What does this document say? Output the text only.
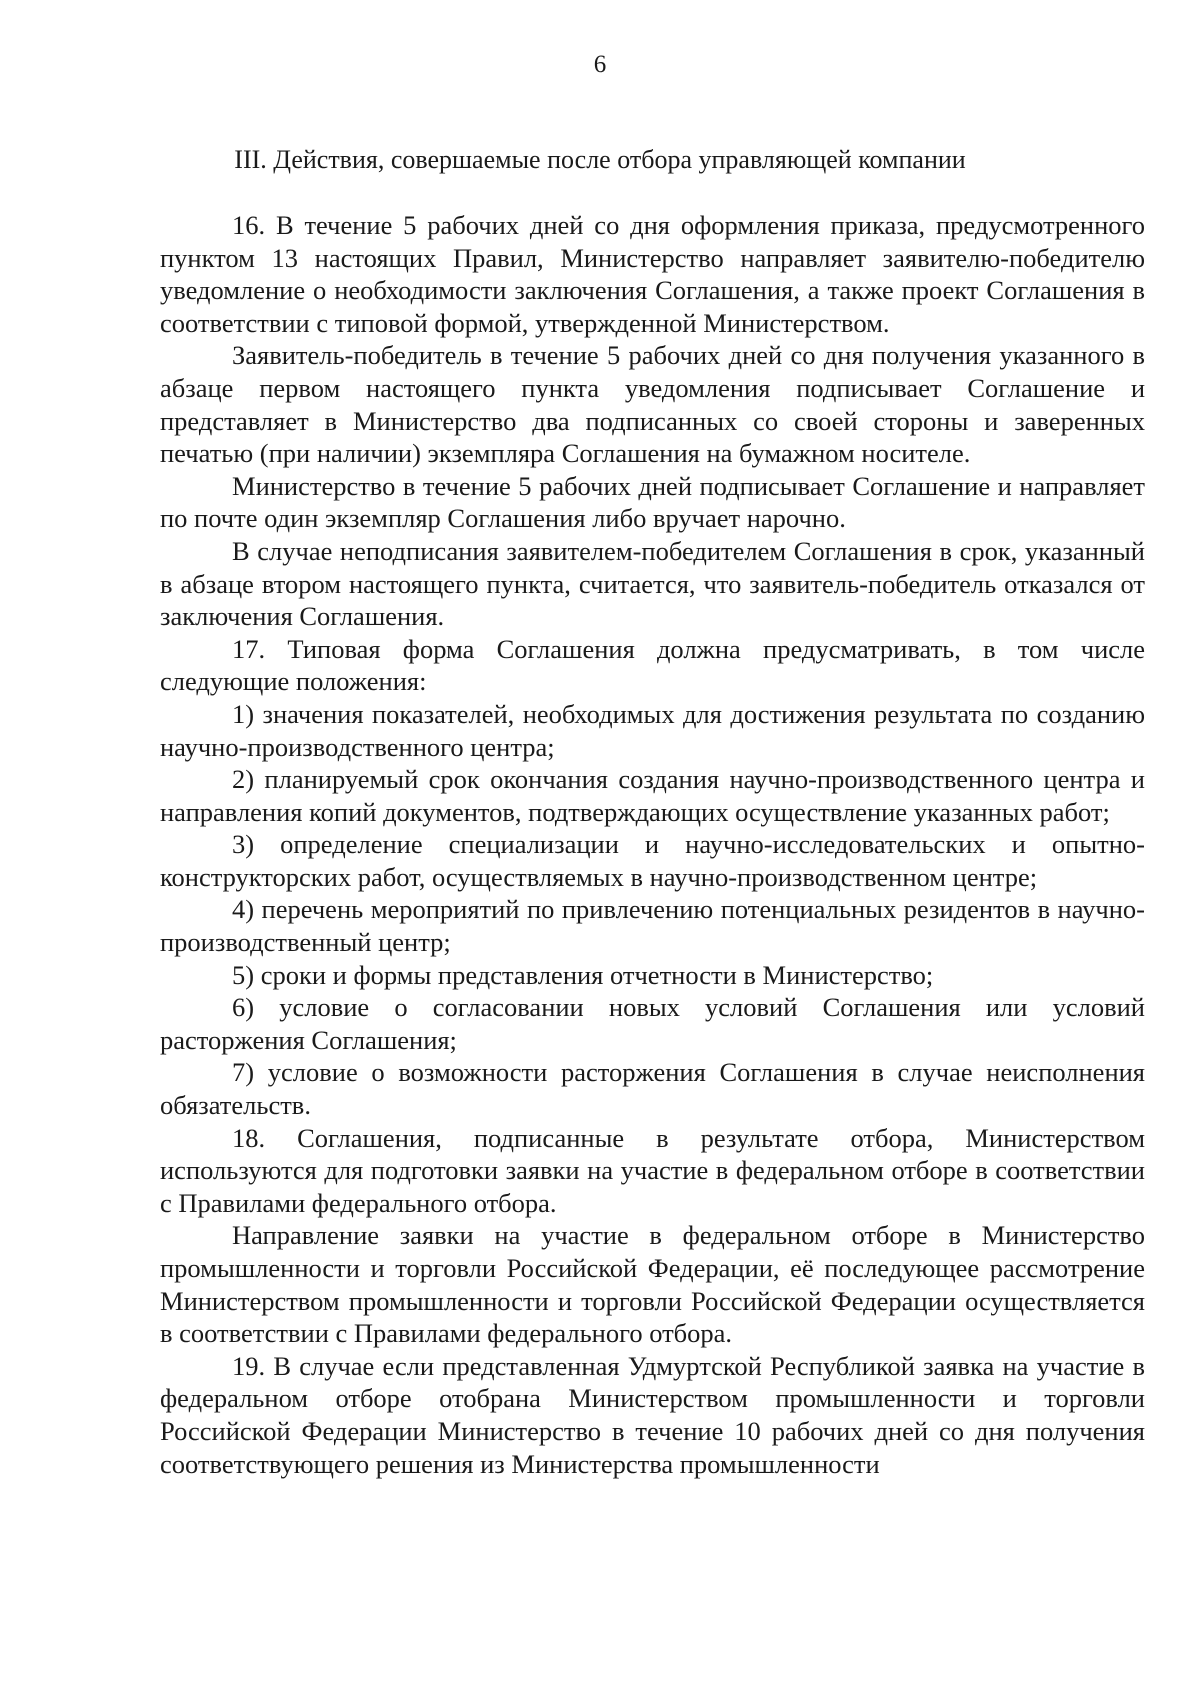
6
III. Действия, совершаемые после отбора управляющей компании

16. В течение 5 рабочих дней со дня оформления приказа, предусмотренного пунктом 13 настоящих Правил, Министерство направляет заявителю-победителю уведомление о необходимости заключения Соглашения, а также проект Соглашения в соответствии с типовой формой, утвержденной Министерством.

Заявитель-победитель в течение 5 рабочих дней со дня получения указанного в абзаце первом настоящего пункта уведомления подписывает Соглашение и представляет в Министерство два подписанных со своей стороны и заверенных печатью (при наличии) экземпляра Соглашения на бумажном носителе.

Министерство в течение 5 рабочих дней подписывает Соглашение и направляет по почте один экземпляр Соглашения либо вручает нарочно.

В случае неподписания заявителем-победителем Соглашения в срок, указанный в абзаце втором настоящего пункта, считается, что заявитель-победитель отказался от заключения Соглашения.

17. Типовая форма Соглашения должна предусматривать, в том числе следующие положения:

1) значения показателей, необходимых для достижения результата по созданию научно-производственного центра;

2) планируемый срок окончания создания научно-производственного центра и направления копий документов, подтверждающих осуществление указанных работ;

3) определение специализации и научно-исследовательских и опытно-конструкторских работ, осуществляемых в научно-производственном центре;

4) перечень мероприятий по привлечению потенциальных резидентов в научно-производственный центр;

5) сроки и формы представления отчетности в Министерство;

6) условие о согласовании новых условий Соглашения или условий расторжения Соглашения;

7) условие о возможности расторжения Соглашения в случае неисполнения обязательств.

18. Соглашения, подписанные в результате отбора, Министерством используются для подготовки заявки на участие в федеральном отборе в соответствии с Правилами федерального отбора.

Направление заявки на участие в федеральном отборе в Министерство промышленности и торговли Российской Федерации, её последующее рассмотрение Министерством промышленности и торговли Российской Федерации осуществляется в соответствии с Правилами федерального отбора.

19. В случае если представленная Удмуртской Республикой заявка на участие в федеральном отборе отобрана Министерством промышленности и торговли Российской Федерации Министерство в течение 10 рабочих дней со дня получения соответствующего решения из Министерства промышленности
